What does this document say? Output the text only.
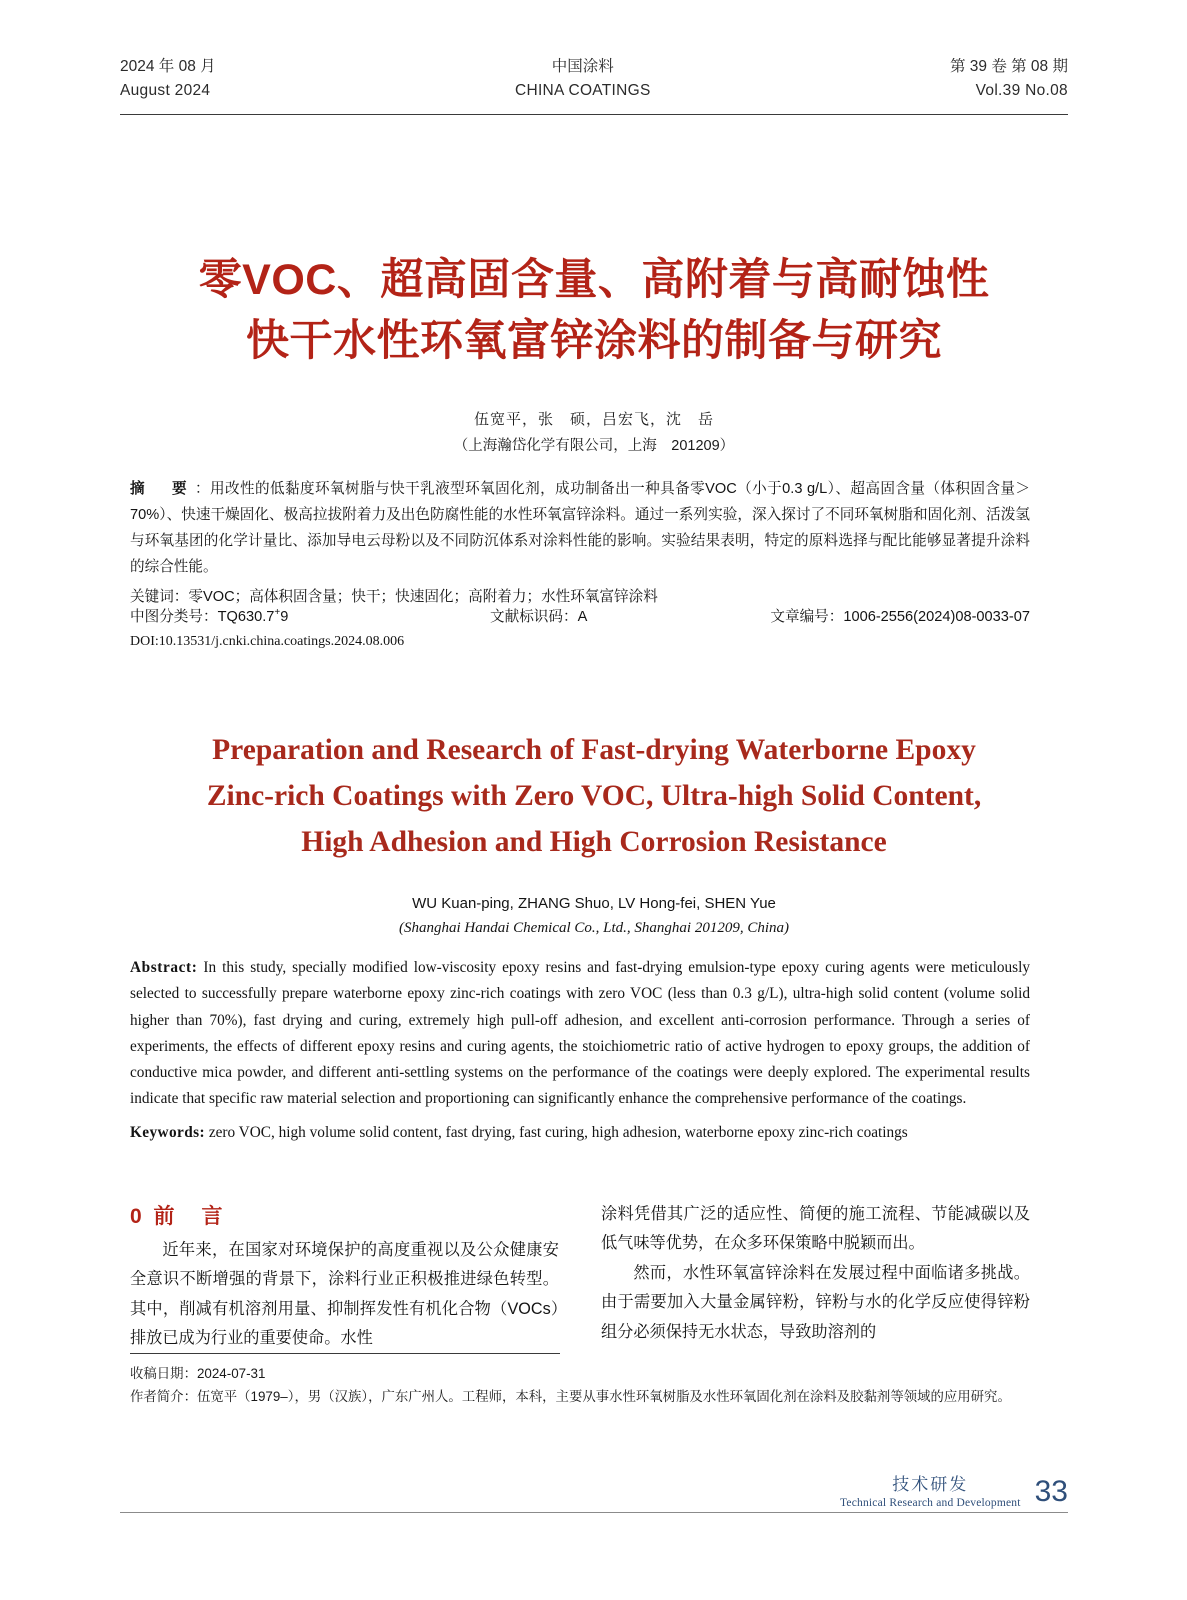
2024 年 08 月
August 2024
中国涂料
CHINA COATINGS
第 39 卷 第 08 期
Vol.39 No.08
零VOC、超高固含量、高附着与高耐蚀性
快干水性环氧富锌涂料的制备与研究
伍宽平，张　硕，吕宏飞，沈　岳
（上海瀚岱化学有限公司，上海　201209）
摘　要 ：用改性的低黏度环氧树脂与快干乳液型环氧固化剂，成功制备出一种具备零VOC（小于0.3 g/L）、超高固含量（体积固含量＞70%）、快速干燥固化、极高拉拔附着力及出色防腐性能的水性环氧富锌涂料。通过一系列实验，深入探讨了不同环氧树脂和固化剂、活泼氢与环氧基团的化学计量比、添加导电云母粉以及不同防沉体系对涂料性能的影响。实验结果表明，特定的原料选择与配比能够显著提升涂料的综合性能。
关键词：零VOC；高体积固含量；快干；快速固化；高附着力；水性环氧富锌涂料
中图分类号：TQ630.7+9	文献标识码：A	文章编号：1006-2556(2024)08-0033-07
DOI:10.13531/j.cnki.china.coatings.2024.08.006
Preparation and Research of Fast-drying Waterborne Epoxy
Zinc-rich Coatings with Zero VOC, Ultra-high Solid Content,
High Adhesion and High Corrosion Resistance
WU Kuan-ping, ZHANG Shuo, LV Hong-fei, SHEN Yue
(Shanghai Handai Chemical Co., Ltd., Shanghai 201209, China)
Abstract: In this study, specially modified low-viscosity epoxy resins and fast-drying emulsion-type epoxy curing agents were meticulously selected to successfully prepare waterborne epoxy zinc-rich coatings with zero VOC (less than 0.3 g/L), ultra-high solid content (volume solid higher than 70%), fast drying and curing, extremely high pull-off adhesion, and excellent anti-corrosion performance. Through a series of experiments, the effects of different epoxy resins and curing agents, the stoichiometric ratio of active hydrogen to epoxy groups, the addition of conductive mica powder, and different anti-settling systems on the performance of the coatings were deeply explored. The experimental results indicate that specific raw material selection and proportioning can significantly enhance the comprehensive performance of the coatings.
Keywords: zero VOC, high volume solid content, fast drying, fast curing, high adhesion, waterborne epoxy zinc-rich coatings
0 前　言
近年来，在国家对环境保护的高度重视以及公众健康安全意识不断增强的背景下，涂料行业正积极推进绿色转型。其中，削减有机溶剂用量、抑制挥发性有机化合物（VOCs）排放已成为行业的重要使命。水性
涂料凭借其广泛的适应性、简便的施工流程、节能减碳以及低气味等优势，在众多环保策略中脱颖而出。
然而，水性环氧富锌涂料在发展过程中面临诸多挑战。由于需要加入大量金属锌粉，锌粉与水的化学反应使得锌粉组分必须保持无水状态，导致助溶剂的
收稿日期：2024-07-31
作者简介：伍宽平（1979–），男（汉族），广东广州人。工程师，本科，主要从事水性环氧树脂及水性环氧固化剂在涂料及胶黏剂等领域的应用研究。
技术研发
Technical Research and Development 33
